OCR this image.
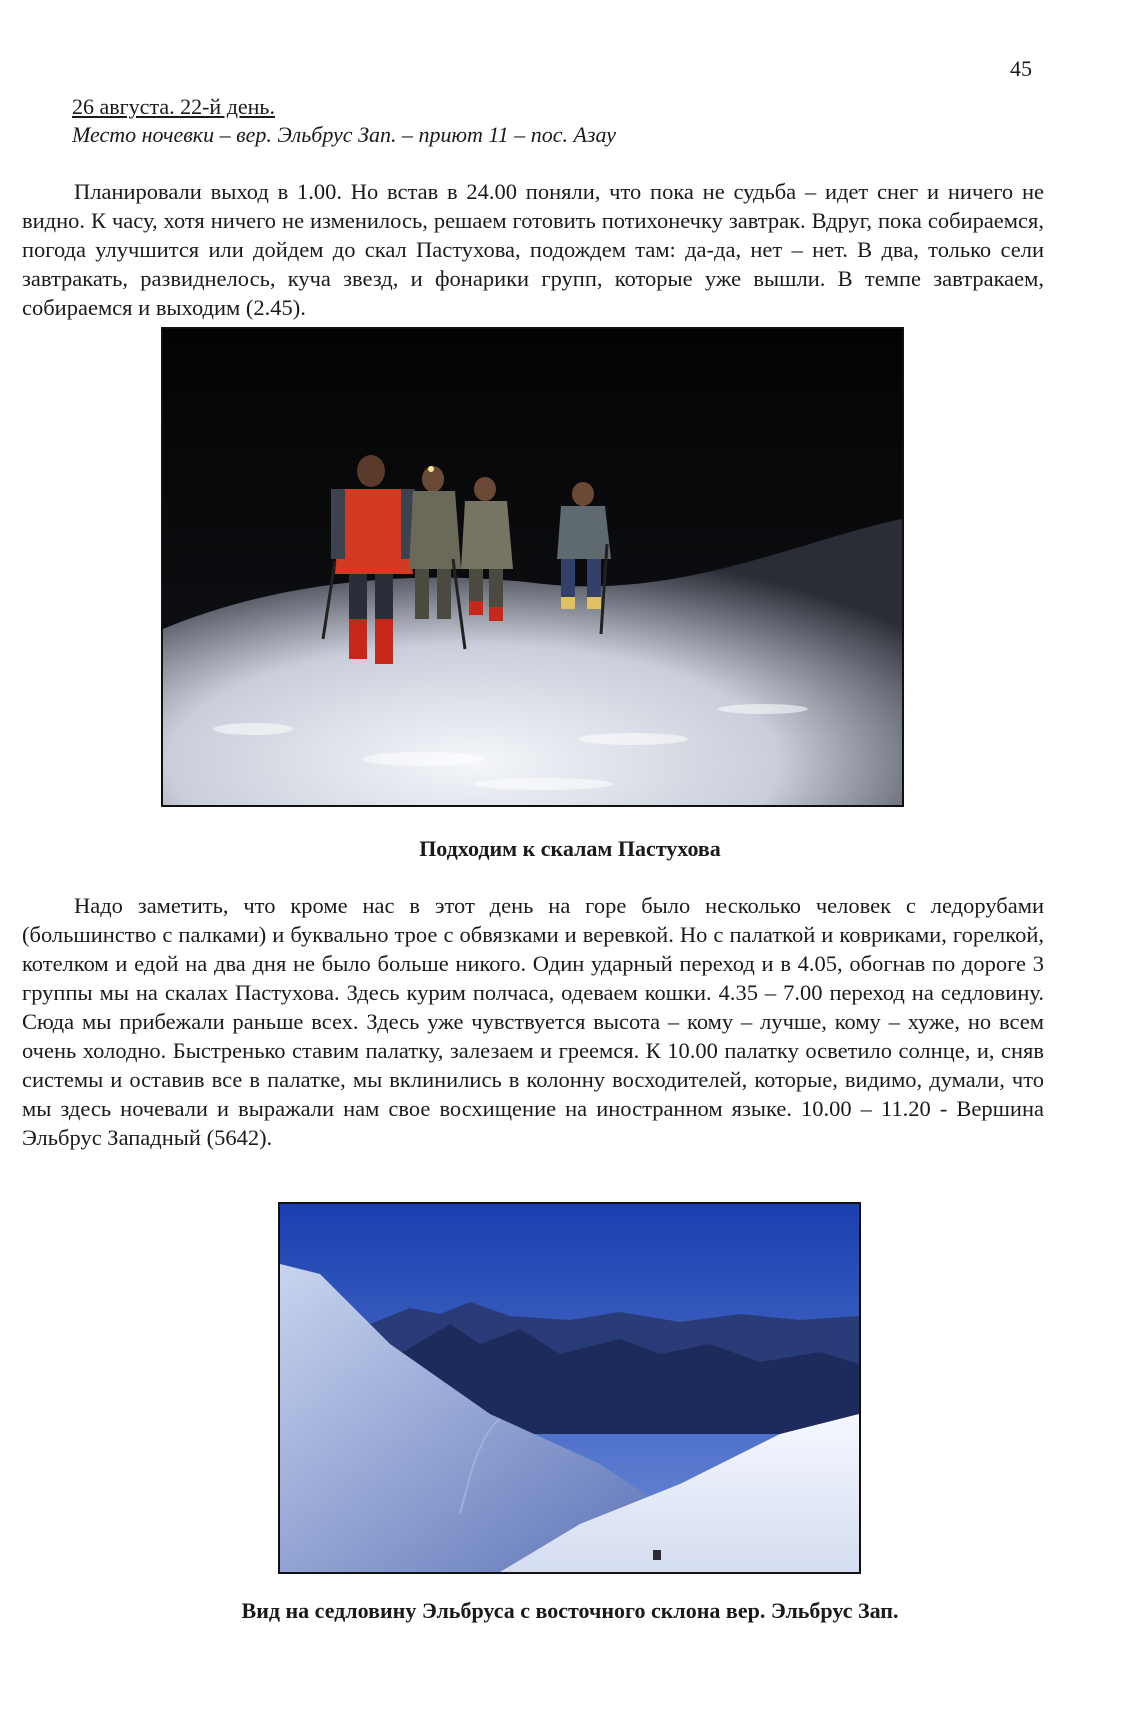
45
26 августа. 22-й день.
Место ночевки – вер. Эльбрус Зап. – приют 11 – пос. Азау

Планировали выход в 1.00. Но встав в 24.00 поняли, что пока не судьба – идет снег и ничего не видно. К часу, хотя ничего не изменилось, решаем готовить потихонечку завтрак. Вдруг, пока собираемся, погода улучшится или дойдем до скал Пастухова, подождем там: да-да, нет – нет. В два, только сели завтракать, развиднелось, куча звезд, и фонарики групп, которые уже вышли. В темпе завтракаем, собираемся и выходим (2.45).

Подходим к скалам Пастухова

Надо заметить, что кроме нас в этот день на горе было несколько человек с ледорубами (большинство с палками) и буквально трое с обвязками и веревкой. Но с палаткой и ковриками, горелкой, котелком и едой на два дня не было больше никого. Один ударный переход и в 4.05, обогнав по дороге 3 группы мы на скалах Пастухова. Здесь курим полчаса, одеваем кошки. 4.35 – 7.00 переход на седловину. Сюда мы прибежали раньше всех. Здесь уже чувствуется высота – кому – лучше, кому – хуже, но всем очень холодно. Быстренько ставим палатку, залезаем и греемся. К 10.00 палатку осветило солнце, и, сняв системы и оставив все в палатке, мы вклинились в колонну восходителей, которые, видимо, думали, что мы здесь ночевали и выражали нам свое восхищение на иностранном языке. 10.00 – 11.20 - Вершина Эльбрус Западный (5642).

Вид на седловину Эльбруса с восточного склона вер. Эльбрус Зап.
